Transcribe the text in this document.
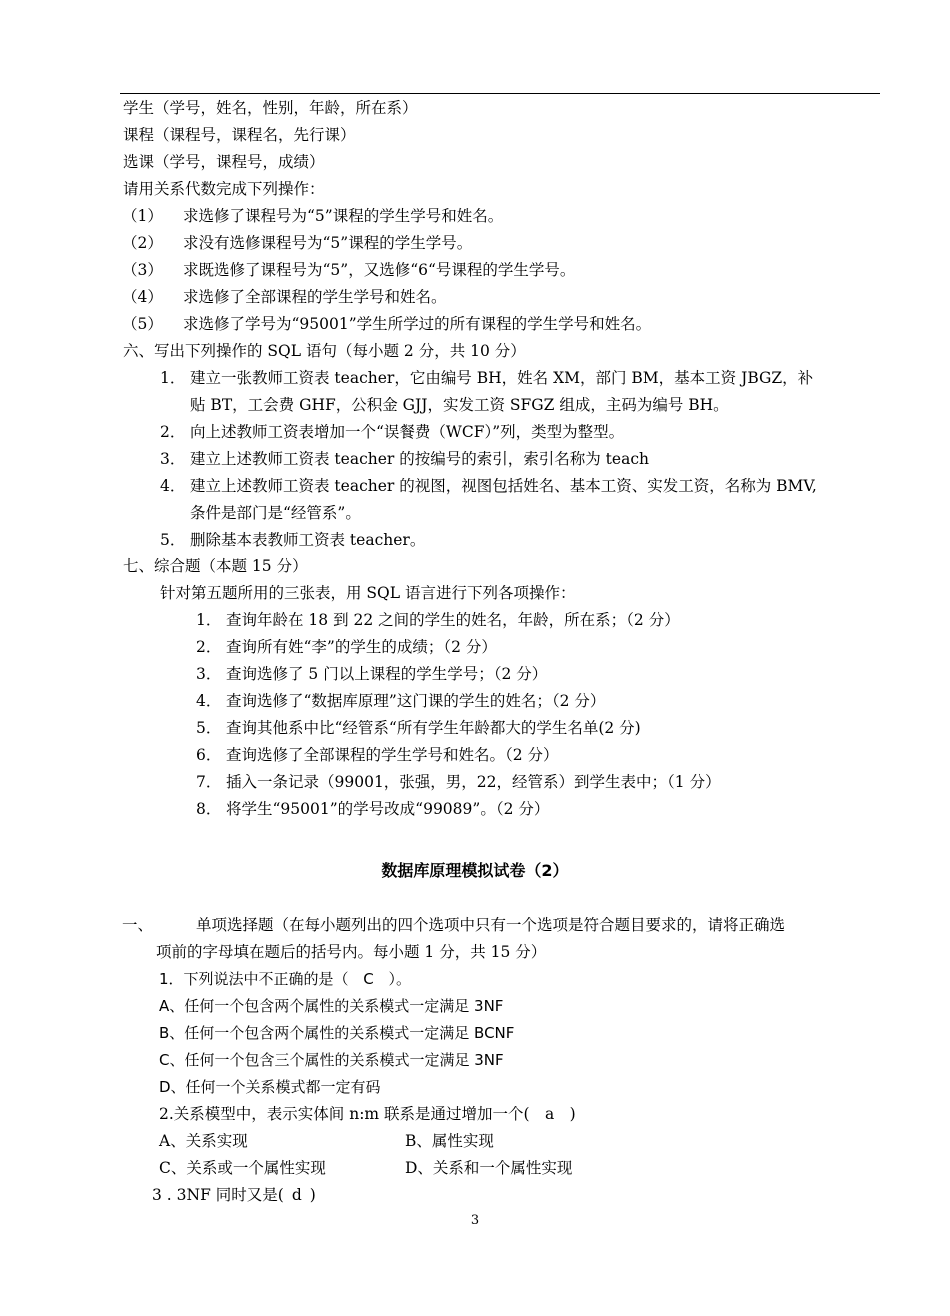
学生（学号，姓名，性别，年龄，所在系）
课程（课程号，课程名，先行课）
选课（学号，课程号，成绩）
请用关系代数完成下列操作：
（1） 求选修了课程号为“5”课程的学生学号和姓名。
（2） 求没有选修课程号为“5”课程的学生学号。
（3） 求既选修了课程号为“5”，又选修“6“号课程的学生学号。
（4） 求选修了全部课程的学生学号和姓名。
（5） 求选修了学号为“95001”学生所学过的所有课程的学生学号和姓名。
六、写出下列操作的 SQL 语句（每小题 2 分，共 10 分）
1． 建立一张教师工资表 teacher，它由编号 BH，姓名 XM，部门 BM，基本工资 JBGZ，补
贴 BT，工会费 GHF，公积金 GJJ，实发工资 SFGZ 组成，主码为编号 BH。
2． 向上述教师工资表增加一个“误餐费（WCF）”列，类型为整型。
3． 建立上述教师工资表 teacher 的按编号的索引，索引名称为 teach
4． 建立上述教师工资表 teacher 的视图，视图包括姓名、基本工资、实发工资，名称为 BMV,
条件是部门是“经管系”。
5． 删除基本表教师工资表 teacher。
七、综合题（本题 15 分）
针对第五题所用的三张表，用 SQL 语言进行下列各项操作：
1． 查询年龄在 18 到 22 之间的学生的姓名，年龄，所在系；（2 分）
2． 查询所有姓“李”的学生的成绩；（2 分）
3． 查询选修了 5 门以上课程的学生学号；（2 分）
4． 查询选修了“数据库原理”这门课的学生的姓名；（2 分）
5． 查询其他系中比“经管系“所有学生年龄都大的学生名单(2 分)
6． 查询选修了全部课程的学生学号和姓名。（2 分）
7． 插入一条记录（99001，张强，男，22，经管系）到学生表中；（1 分）
8． 将学生“95001”的学号改成“99089”。（2 分）
数据库原理模拟试卷（2）
一、	单项选择题（在每小题列出的四个选项中只有一个选项是符合题目要求的，请将正确选
项前的字母填在题后的括号内。每小题 1 分，共 15 分）
1．下列说法中不正确的是（ C ）。
A、任何一个包含两个属性的关系模式一定满足 3NF
B、任何一个包含两个属性的关系模式一定满足 BCNF
C、任何一个包含三个属性的关系模式一定满足 3NF
D、任何一个关系模式都一定有码
2.关系模型中，表示实体间 n:m 联系是通过增加一个( a )
A、关系实现	B、属性实现
C、关系或一个属性实现	D、关系和一个属性实现
3 . 3NF 同时又是( d )
3
